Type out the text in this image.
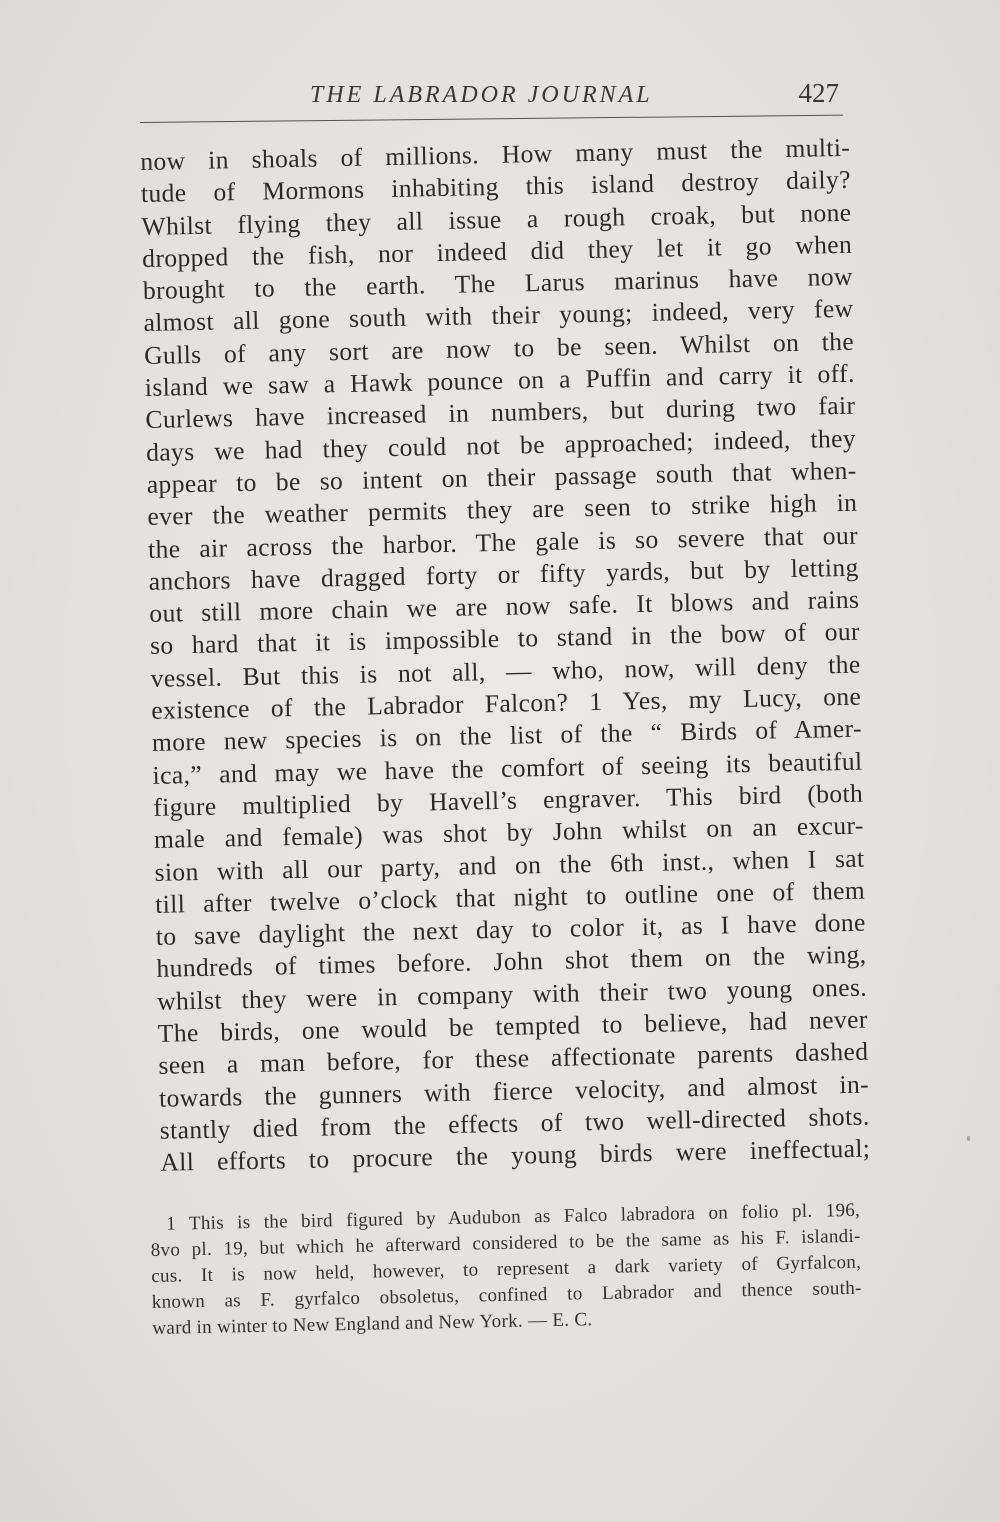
THE LABRADOR JOURNAL	427
now in shoals of millions. How many must the multi-
tude of Mormons inhabiting this island destroy daily?
Whilst flying they all issue a rough croak, but none
dropped the fish, nor indeed did they let it go when
brought to the earth. The Larus marinus have now
almost all gone south with their young; indeed, very few
Gulls of any sort are now to be seen. Whilst on the
island we saw a Hawk pounce on a Puffin and carry it off.
Curlews have increased in numbers, but during two fair
days we had they could not be approached; indeed, they
appear to be so intent on their passage south that when-
ever the weather permits they are seen to strike high in
the air across the harbor. The gale is so severe that our
anchors have dragged forty or fifty yards, but by letting
out still more chain we are now safe. It blows and rains
so hard that it is impossible to stand in the bow of our
vessel. But this is not all, — who, now, will deny the
existence of the Labrador Falcon? 1 Yes, my Lucy, one
more new species is on the list of the “ Birds of Amer-
ica,” and may we have the comfort of seeing its beautiful
figure multiplied by Havell’s engraver. This bird (both
male and female) was shot by John whilst on an excur-
sion with all our party, and on the 6th inst., when I sat
till after twelve o’clock that night to outline one of them
to save daylight the next day to color it, as I have done
hundreds of times before. John shot them on the wing,
whilst they were in company with their two young ones.
The birds, one would be tempted to believe, had never
seen a man before, for these affectionate parents dashed
towards the gunners with fierce velocity, and almost in-
stantly died from the effects of two well-directed shots.
All efforts to procure the young birds were ineffectual;
1 This is the bird figured by Audubon as Falco labradora on folio pl. 196,
8vo pl. 19, but which he afterward considered to be the same as his F. islandi-
cus. It is now held, however, to represent a dark variety of Gyrfalcon,
known as F. gyrfalco obsoletus, confined to Labrador and thence south-
ward in winter to New England and New York. — E. C.
